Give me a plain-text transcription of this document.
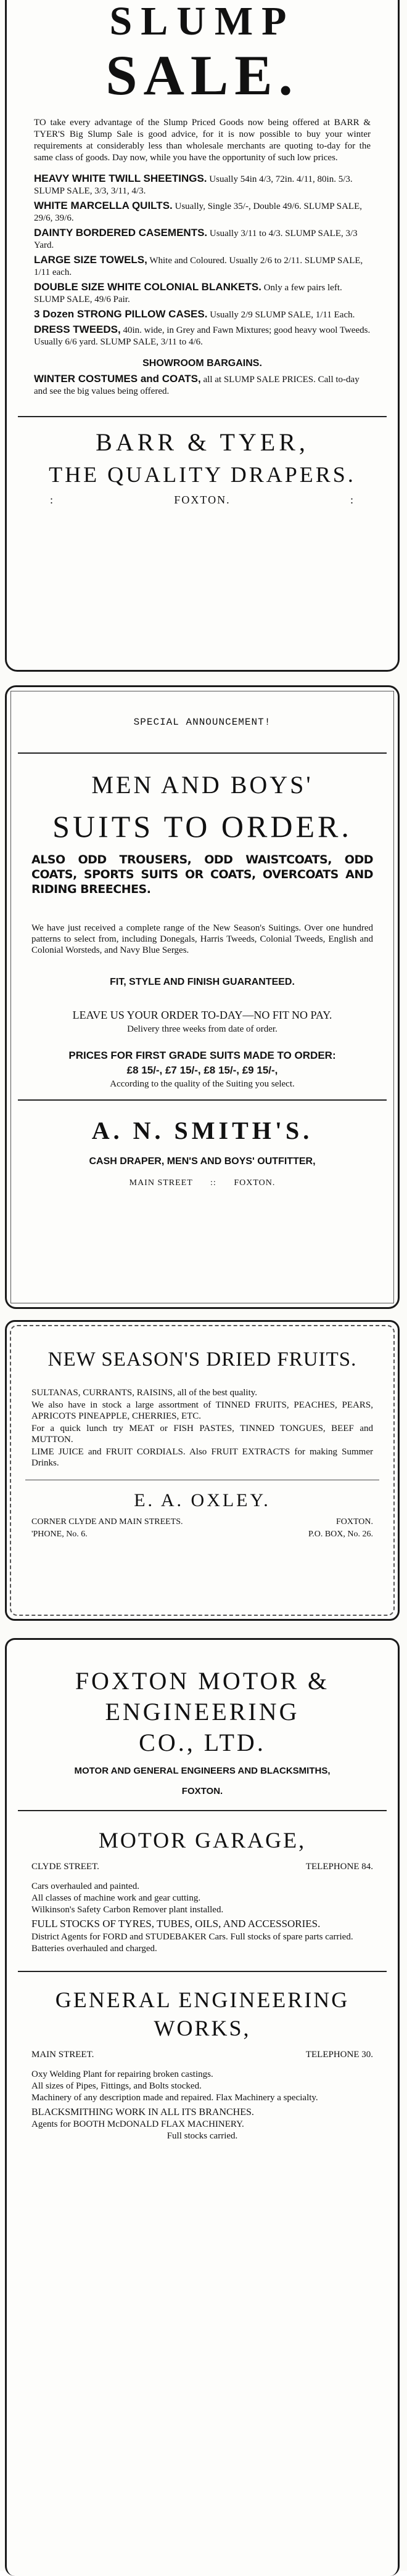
SLUMP
SALE.

TO take every advantage of the Slump Priced Goods now being offered at BARR & TYER'S Big Slump Sale is good advice, for it is now possible to buy your winter requirements at considerably less than wholesale merchants are quoting to-day for the same class of goods. Day now, while you have the opportunity of such low prices.

HEAVY WHITE TWILL SHEETINGS. Usually 54in 4/3, 72in. 4/11, 80in. 5/3. SLUMP SALE, 3/3, 3/11, 4/3.

WHITE MARCELLA QUILTS. Usually, Single 35/-, Double 49/6. SLUMP SALE, 29/6, 39/6.

DAINTY BORDERED CASEMENTS. Usually 3/11 to 4/3. SLUMP SALE, 3/3 Yard.

LARGE SIZE TOWELS, White and Coloured. Usually 2/6 to 2/11. SLUMP SALE, 1/11 each.

DOUBLE SIZE WHITE COLONIAL BLANKETS. Only a few pairs left. SLUMP SALE, 49/6 Pair.

3 Dozen STRONG PILLOW CASES. Usually 2/9 SLUMP SALE, 1/11 Each.

DRESS TWEEDS, 40in. wide, in Grey and Fawn Mixtures; good heavy wool Tweeds. Usually 6/6 yard. SLUMP SALE, 3/11 to 4/6.

SHOWROOM BARGAINS.

WINTER COSTUMES and COATS, all at SLUMP SALE PRICES. Call to-day and see the big values being offered.

BARR & TYER,
THE QUALITY DRAPERS.
:	FOXTON.	:
SPECIAL ANNOUNCEMENT!
MEN AND BOYS'
SUITS TO ORDER.

ALSO ODD TROUSERS, ODD WAISTCOATS, ODD COATS, SPORTS SUITS OR COATS, OVERCOATS AND RIDING BREECHES.

We have just received a complete range of the New Season's Suitings. Over one hundred patterns to select from, including Donegals, Harris Tweeds, Colonial Tweeds, English and Colonial Worsteds, and Navy Blue Serges.

FIT, STYLE AND FINISH GUARANTEED.
LEAVE US YOUR ORDER TO-DAY—NO FIT NO PAY.
Delivery three weeks from date of order.
PRICES FOR FIRST GRADE SUITS MADE TO ORDER:
£8 15/-, £7 15/-, £8 15/-, £9 15/-,
According to the quality of the Suiting you select.
A. N. SMITH'S.
CASH DRAPER, MEN'S AND BOYS' OUTFITTER,
MAIN STREET :: FOXTON.
NEW SEASON'S DRIED FRUITS.

SULTANAS, CURRANTS, RAISINS, all of the best quality.

We also have in stock a large assortment of TINNED FRUITS, PEACHES, PEARS, APRICOTS PINEAPPLE, CHERRIES, ETC.

For a quick lunch try MEAT or FISH PASTES, TINNED TONGUES, BEEF and MUTTON.

LIME JUICE and FRUIT CORDIALS. Also FRUIT EXTRACTS for making Summer Drinks.

E. A. OXLEY.
CORNER CLYDE AND MAIN STREETS.	FOXTON.
'PHONE, No. 6.	P.O. BOX, No. 26.
FOXTON MOTOR &
ENGINEERING
CO., LTD.
MOTOR AND GENERAL ENGINEERS AND BLACKSMITHS,
FOXTON.
MOTOR GARAGE,
CLYDE STREET.	TELEPHONE 84.

Cars overhauled and painted.

All classes of machine work and gear cutting.

Wilkinson's Safety Carbon Remover plant installed.

FULL STOCKS OF TYRES, TUBES, OILS, AND ACCESSORIES.

District Agents for FORD and STUDEBAKER Cars. Full stocks of spare parts carried.

Batteries overhauled and charged.

GENERAL ENGINEERING
WORKS,
MAIN STREET.	TELEPHONE 30.

Oxy Welding Plant for repairing broken castings.

All sizes of Pipes, Fittings, and Bolts stocked.

Machinery of any description made and repaired. Flax Machinery a specialty.

BLACKSMITHING WORK IN ALL ITS BRANCHES.

Agents for BOOTH McDONALD FLAX MACHINERY.

Full stocks carried.
